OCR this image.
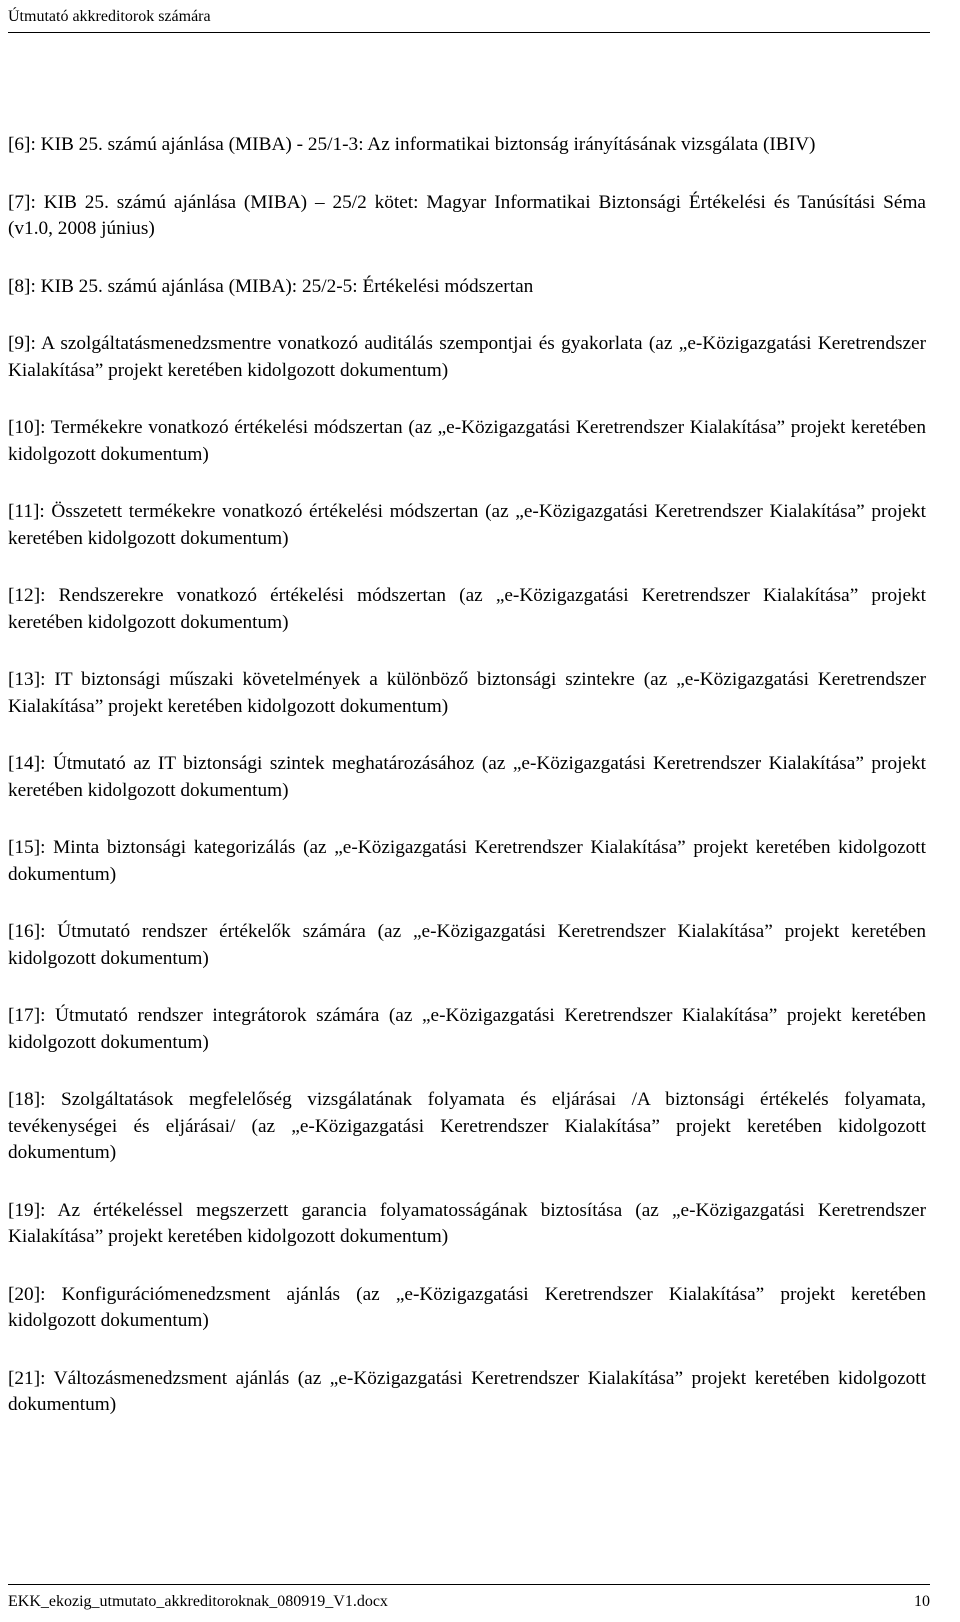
Útmutató akkreditorok számára

[6]: KIB 25. számú ajánlása (MIBA) - 25/1-3: Az informatikai biztonság irányításának vizsgálata (IBIV)

[7]: KIB 25. számú ajánlása (MIBA) – 25/2 kötet: Magyar Informatikai Biztonsági Értékelési és Tanúsítási Séma (v1.0, 2008 június)

[8]: KIB 25. számú ajánlása (MIBA): 25/2-5: Értékelési módszertan

[9]: A szolgáltatásmenedzsmentre vonatkozó auditálás szempontjai és gyakorlata (az „e-Közigazgatási Keretrendszer Kialakítása” projekt keretében kidolgozott dokumentum)

[10]: Termékekre vonatkozó értékelési módszertan (az „e-Közigazgatási Keretrendszer Kialakítása” projekt keretében kidolgozott dokumentum)

[11]: Összetett termékekre vonatkozó értékelési módszertan (az „e-Közigazgatási Keretrendszer Kialakítása” projekt keretében kidolgozott dokumentum)

[12]: Rendszerekre vonatkozó értékelési módszertan (az „e-Közigazgatási Keretrendszer Kialakítása” projekt keretében kidolgozott dokumentum)

[13]: IT biztonsági műszaki követelmények a különböző biztonsági szintekre (az „e-Közigazgatási Keretrendszer Kialakítása” projekt keretében kidolgozott dokumentum)

[14]: Útmutató az IT biztonsági szintek meghatározásához (az „e-Közigazgatási Keretrendszer Kialakítása” projekt keretében kidolgozott dokumentum)

[15]: Minta biztonsági kategorizálás (az „e-Közigazgatási Keretrendszer Kialakítása” projekt keretében kidolgozott dokumentum)

[16]: Útmutató rendszer értékelők számára (az „e-Közigazgatási Keretrendszer Kialakítása” projekt keretében kidolgozott dokumentum)

[17]: Útmutató rendszer integrátorok számára (az „e-Közigazgatási Keretrendszer Kialakítása” projekt keretében kidolgozott dokumentum)

[18]: Szolgáltatások megfelelőség vizsgálatának folyamata és eljárásai /A biztonsági értékelés folyamata, tevékenységei és eljárásai/ (az „e-Közigazgatási Keretrendszer Kialakítása” projekt keretében kidolgozott dokumentum)

[19]: Az értékeléssel megszerzett garancia folyamatosságának biztosítása (az „e-Közigazgatási Keretrendszer Kialakítása” projekt keretében kidolgozott dokumentum)

[20]: Konfigurációmenedzsment ajánlás (az „e-Közigazgatási Keretrendszer Kialakítása” projekt keretében kidolgozott dokumentum)

[21]: Változásmenedzsment ajánlás (az „e-Közigazgatási Keretrendszer Kialakítása” projekt keretében kidolgozott dokumentum)

EKK_ekozig_utmutato_akkreditoroknak_080919_V1.docx	10
